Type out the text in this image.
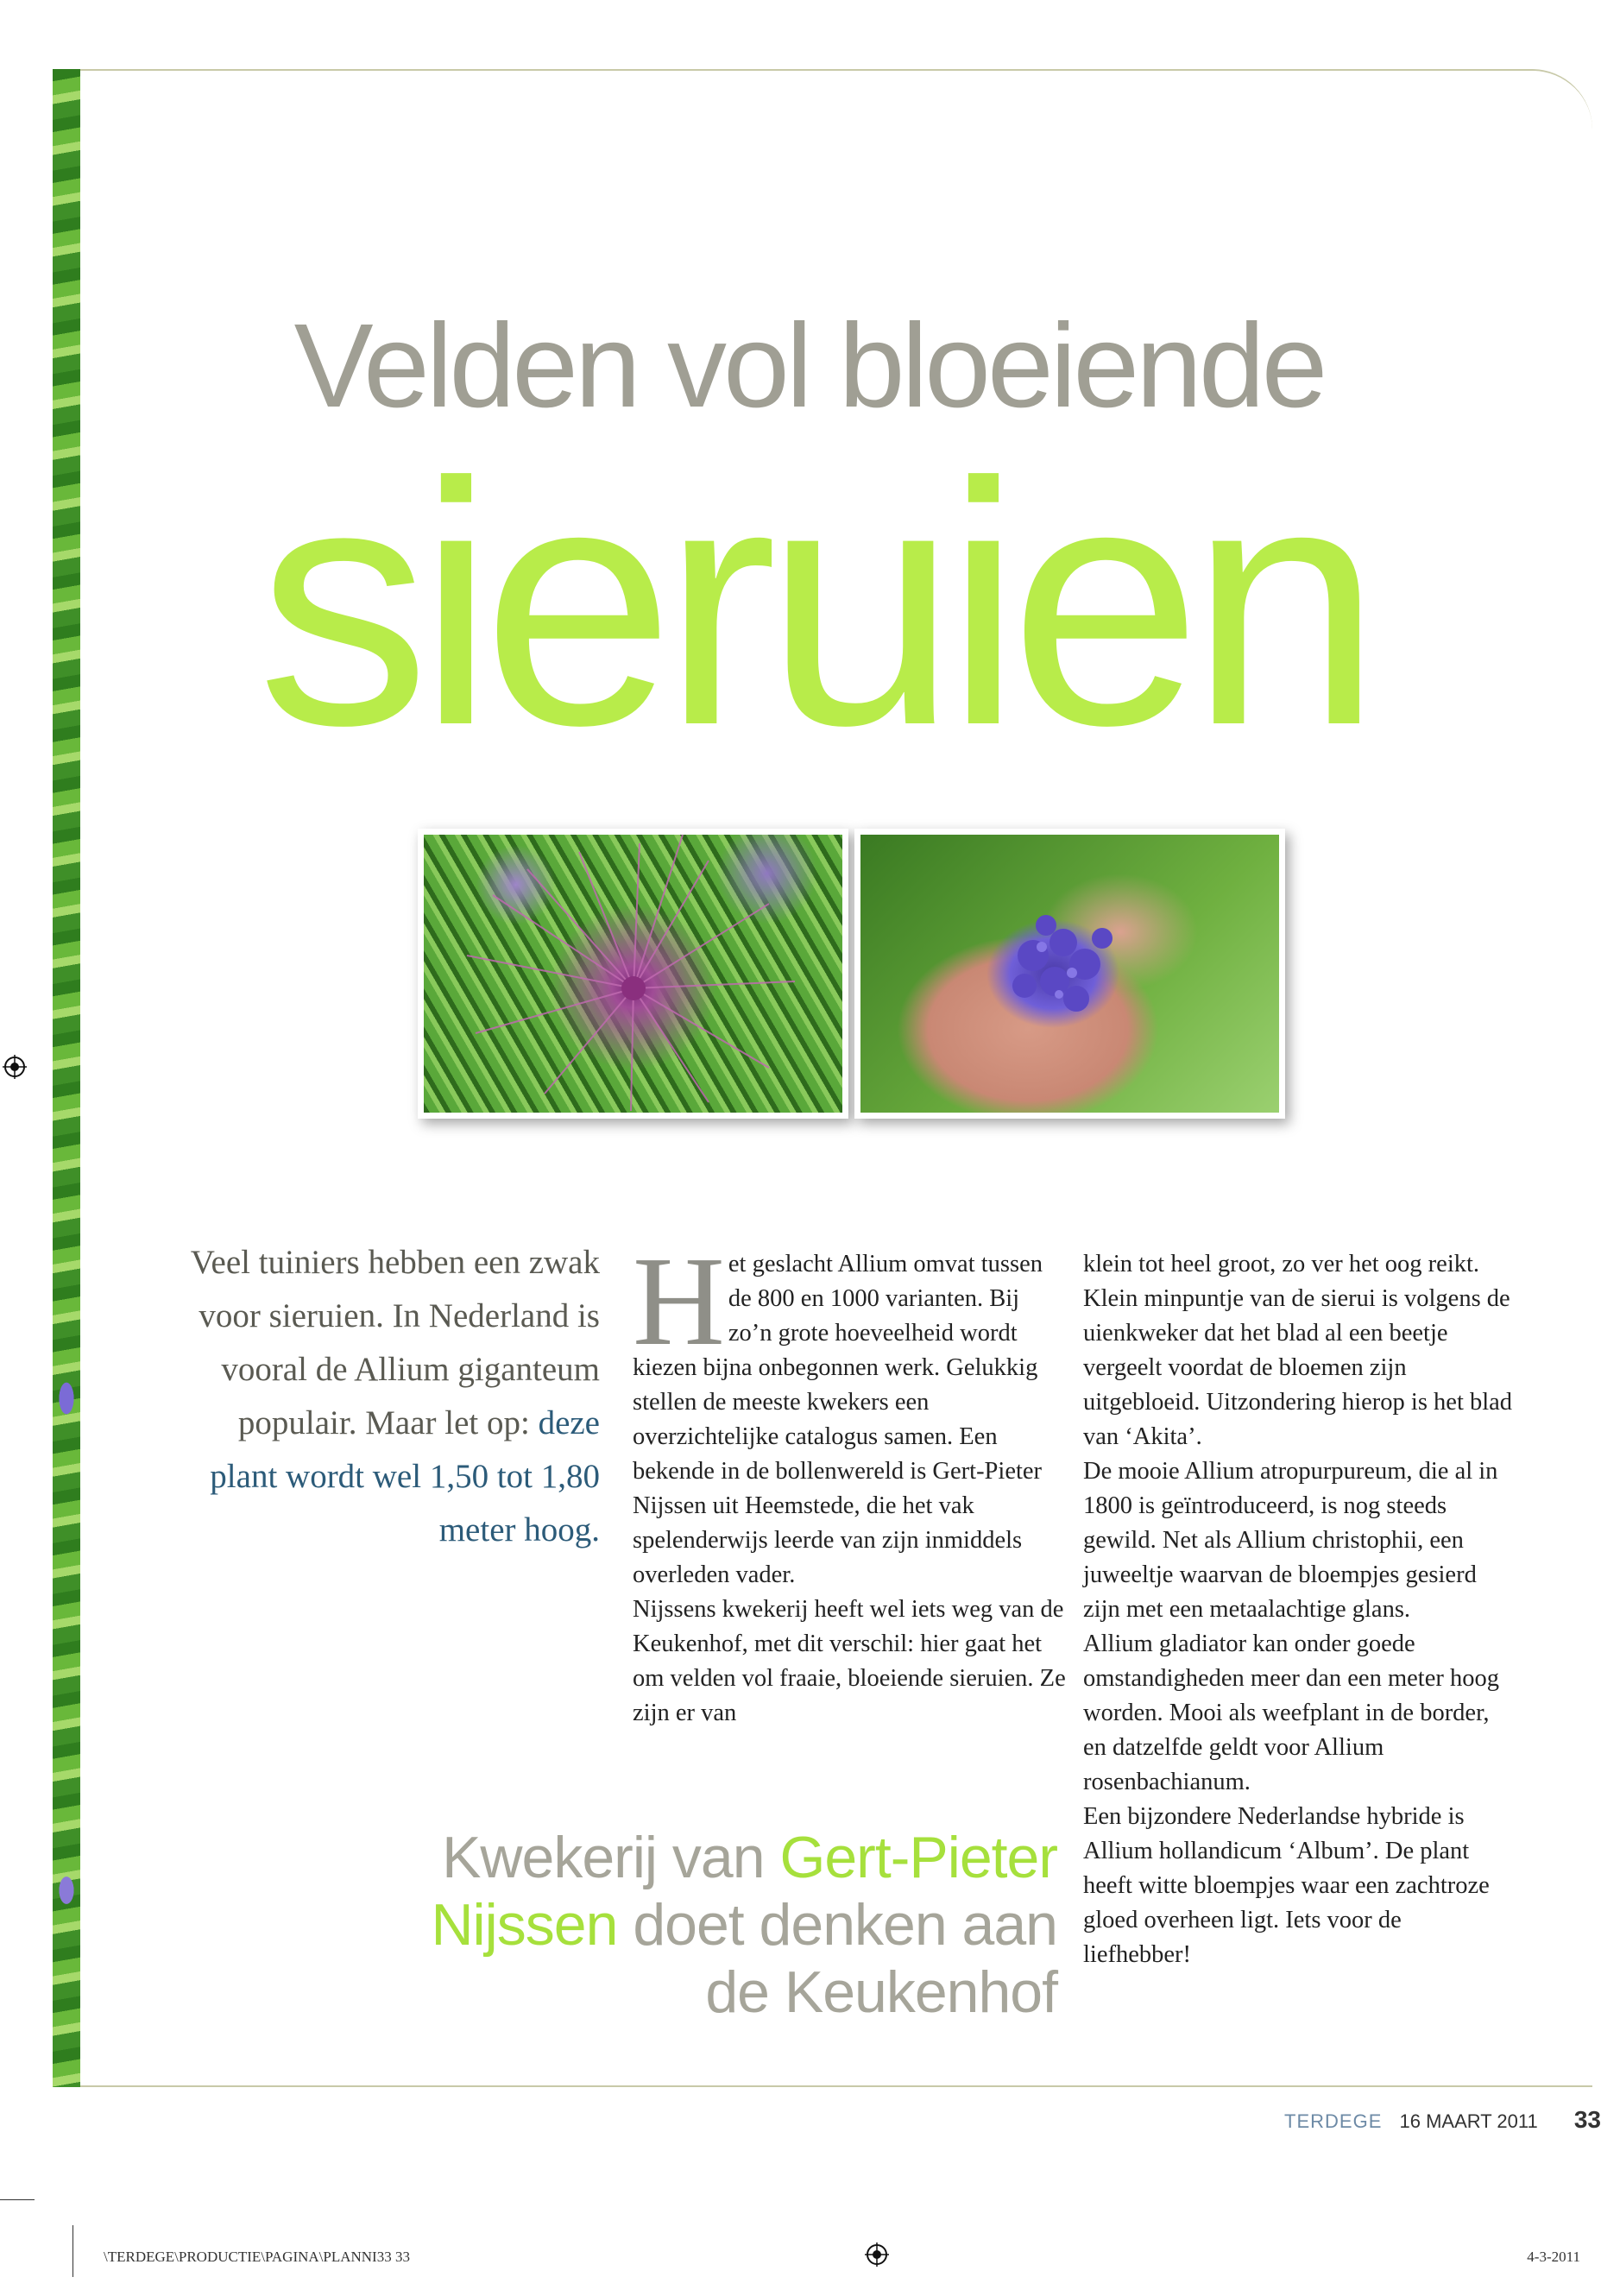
Velden vol bloeiende
sieruien
Veel tuiniers hebben een zwak voor sieruien. In Nederland is vooral de Allium giganteum populair. Maar let op: deze plant wordt wel 1,50 tot 1,80 meter hoog.
H et geslacht Allium omvat tussen de 800 en 1000 varianten. Bij zo’n grote hoeveelheid wordt kiezen bijna onbegonnen werk. Gelukkig stellen de meeste kwekers een overzichtelijke catalogus samen. Een bekende in de bollenwereld is Gert-Pieter Nijssen uit Heemstede, die het vak spelenderwijs leerde van zijn inmiddels overleden vader.

Nijssens kwekerij heeft wel iets weg van de Keukenhof, met dit verschil: hier gaat het om velden vol fraaie, bloeiende sieruien. Ze zijn er van

klein tot heel groot, zo ver het oog reikt.

Klein minpuntje van de sierui is volgens de uienkweker dat het blad al een beetje vergeelt voordat de bloemen zijn uitgebloeid. Uitzondering hierop is het blad van ‘Akita’.

De mooie Allium atropurpureum, die al in 1800 is geïntroduceerd, is nog steeds gewild. Net als Allium christophii, een juweeltje waarvan de bloempjes gesierd zijn met een metaalachtige glans.

Allium gladiator kan onder goede omstandigheden meer dan een meter hoog worden. Mooi als weefplant in de border, en datzelfde geldt voor Allium rosenbachianum.

Een bijzondere Nederlandse hybride is Allium hollandicum ‘Album’. De plant heeft witte bloempjes waar een zachtroze gloed overheen ligt. Iets voor de liefhebber!

Kwekerij van Gert-Pieter Nijssen doet denken aan de Keukenhof
TERDEGE 16 MAART 2011 33
\TERDEGE\PRODUCTIE\PAGINA\PLANNI33 33	4-3-2011
